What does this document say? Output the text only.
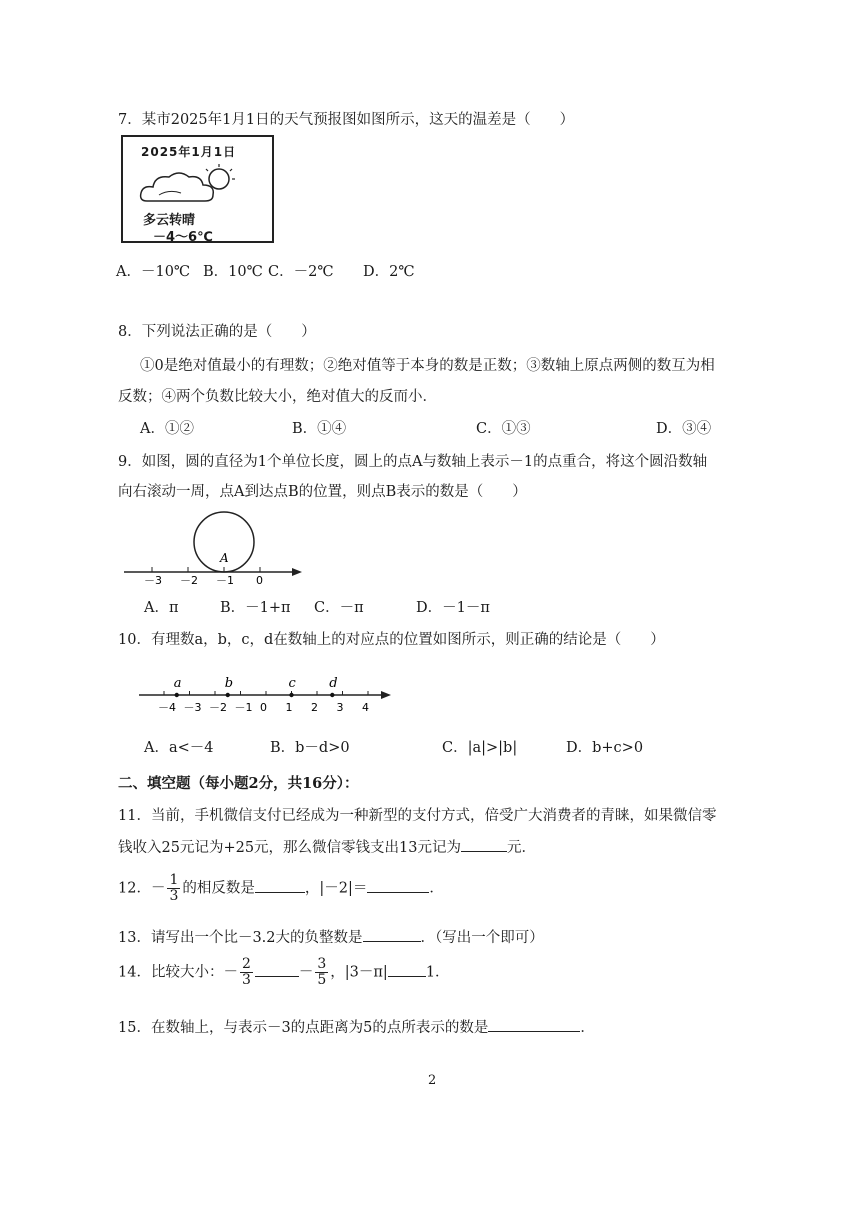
7．某市2025年1月1日的天气预报图如图所示，这天的温差是（　　）
2025年1月1日
多云转晴
－4～6℃
A．－10℃ B．10℃ C．－2℃ D．2℃
8．下列说法正确的是（　　）
①0是绝对值最小的有理数；②绝对值等于本身的数是正数；③数轴上原点两侧的数互为相
反数；④两个负数比较大小，绝对值大的反而小．
A．①②	B．①④	C．①③	D．③④
9．如图，圆的直径为1个单位长度，圆上的点A与数轴上表示－1的点重合，将这个圆沿数轴
向右滚动一周，点A到达点B的位置，则点B表示的数是（　　）
A
－3 －2 －1 0
A．π	B．－1+π C．－π	D．－1－π
10．有理数a，b，c，d在数轴上的对应点的位置如图所示，则正确的结论是（　　）
－4 －3 －2 －1 0 1 2 3 4
a	b	c	d
A．a<－4	B．b－d>0	C．|a|>|b|	D．b+c>0
二、填空题（每小题2分，共16分）：
11．当前，手机微信支付已经成为一种新型的支付方式，倍受广大消费者的青睐，如果微信零
钱收入25元记为+25元，那么微信零钱支出13元记为	元．
12．－ $\frac{1}{3}$ 的相反数是	，|－2|＝	．
13．请写出一个比－3.2大的负整数是	．（写出一个即可）
14．比较大小：－ $\frac{2}{3}$	－ $\frac{3}{5}$ ，|3－π|	1．
15．在数轴上，与表示－3的点距离为5的点所表示的数是	．
2
